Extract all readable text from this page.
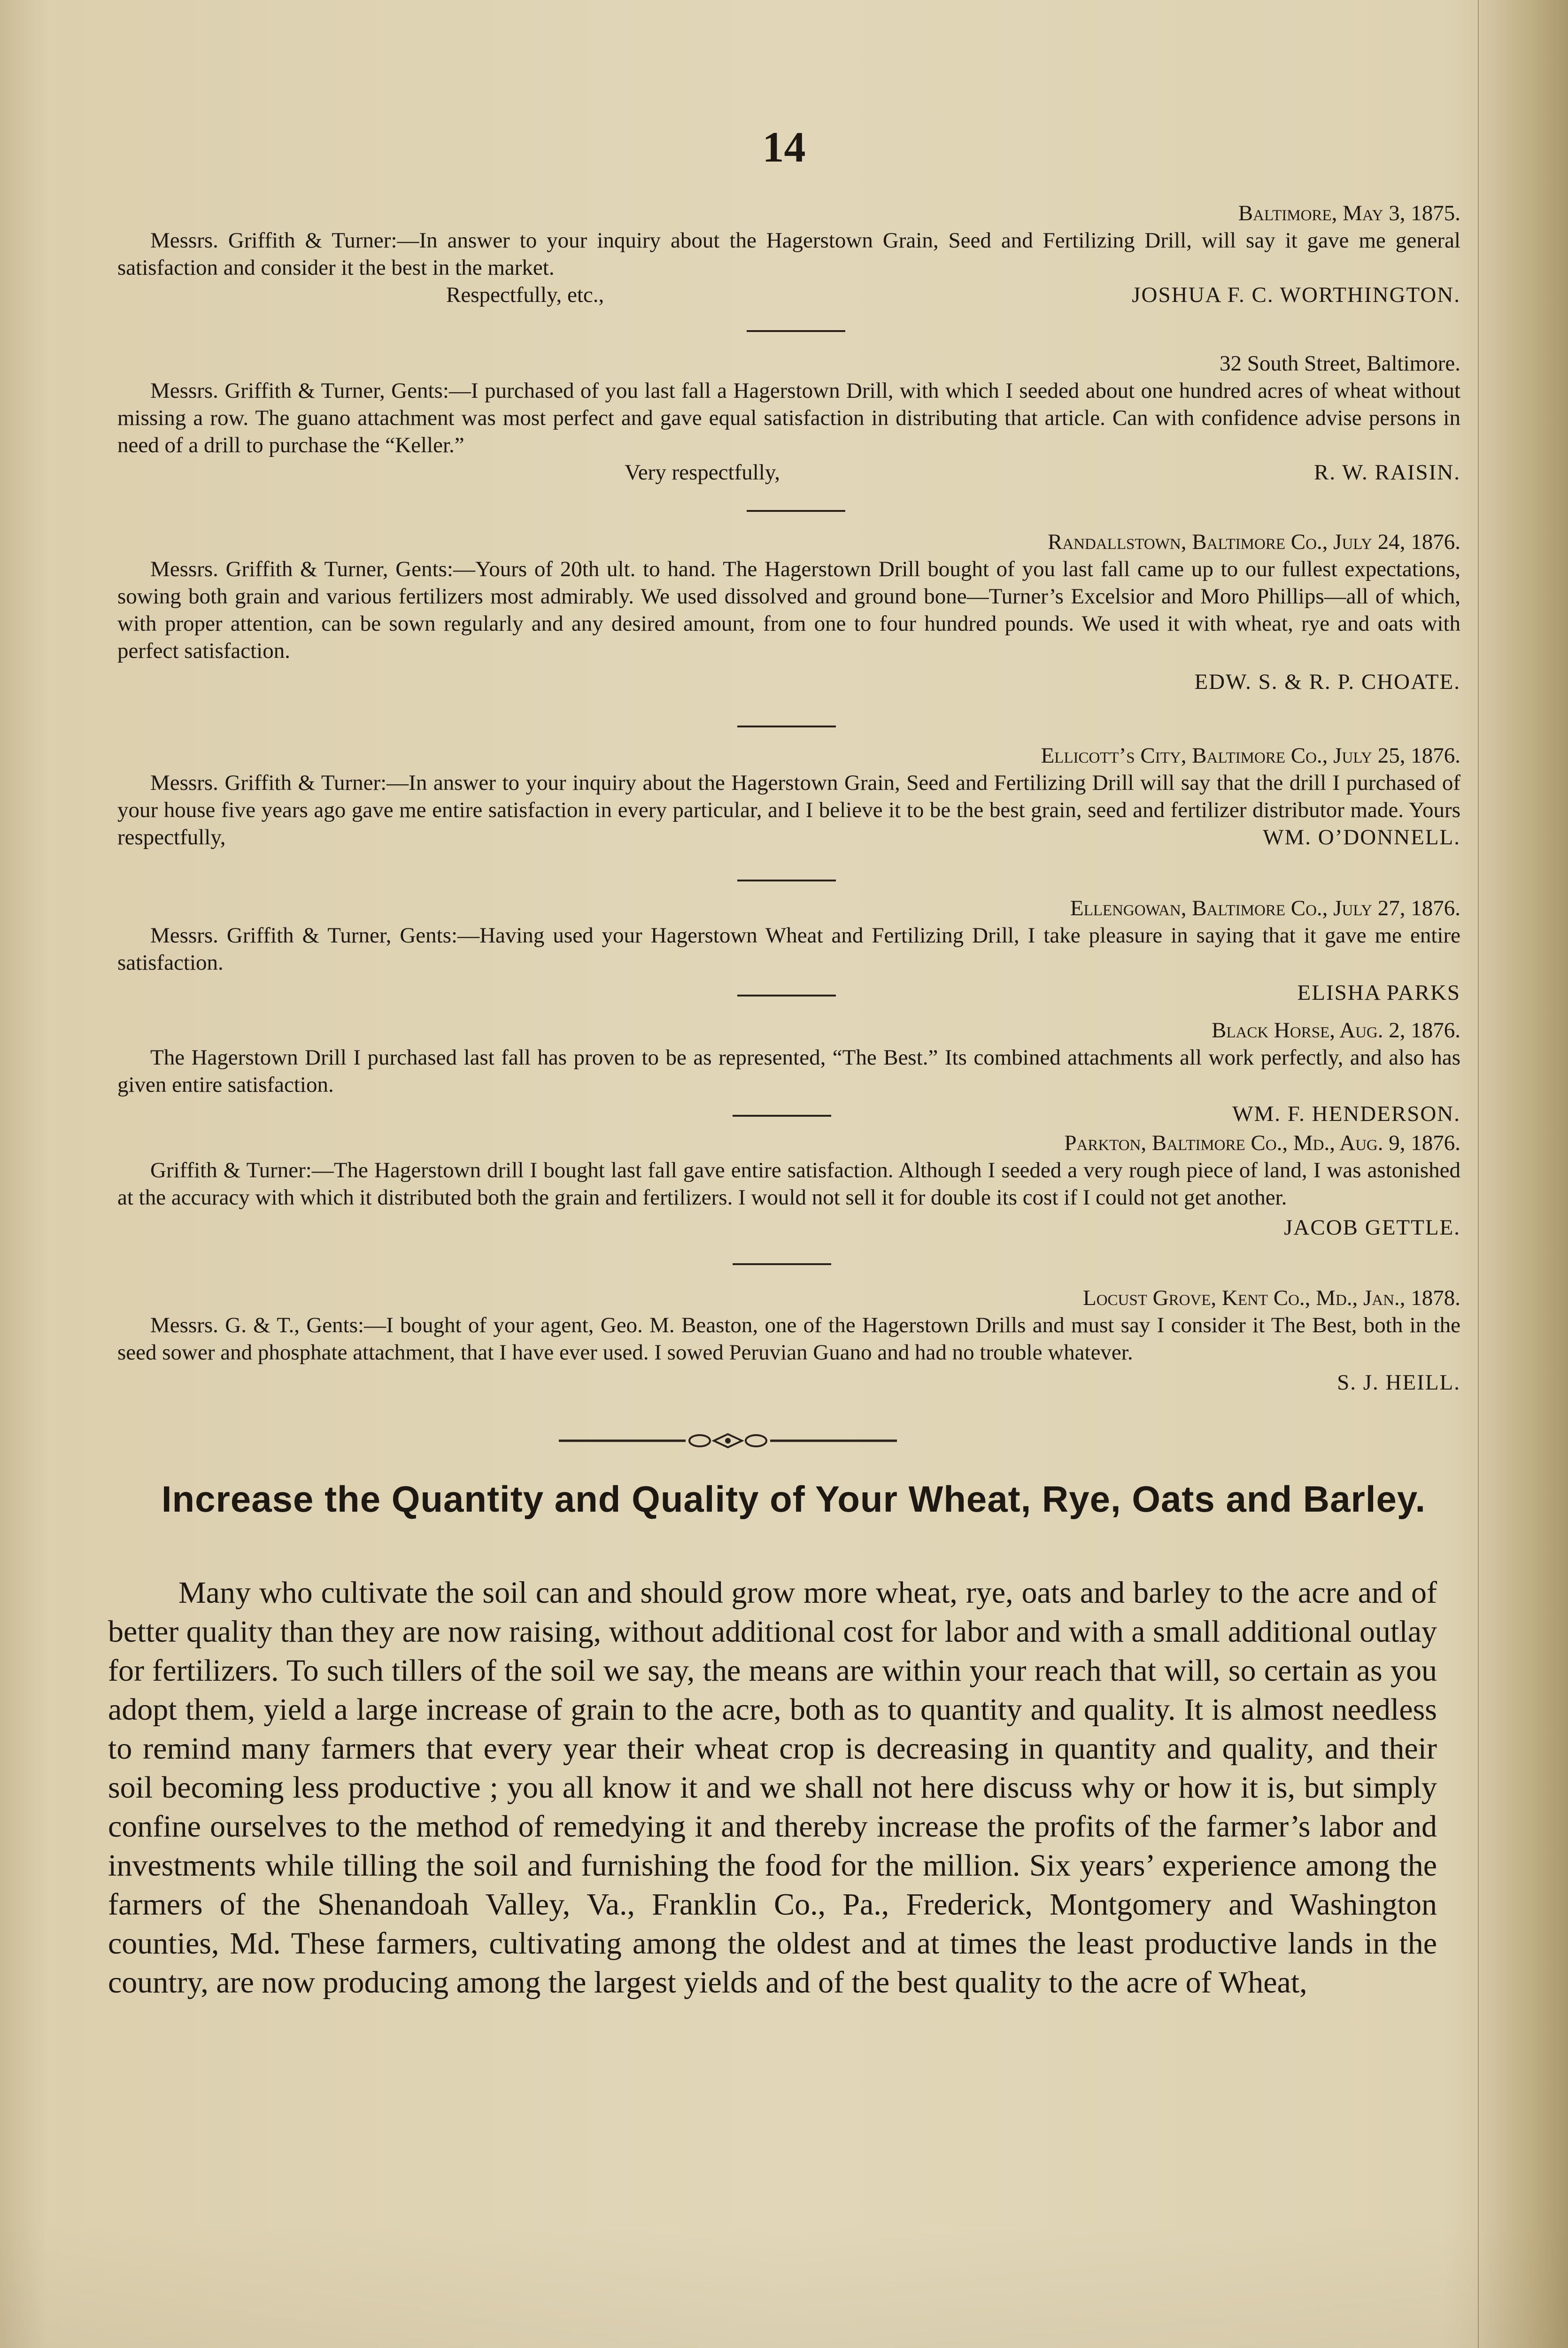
14

Baltimore, May 3, 1875.

Messrs. Griffith & Turner:—In answer to your inquiry about the Hagerstown Grain, Seed and Fertilizing Drill, will say it gave me general satisfaction and consider it the best in the market.

Respectfully, etc.,	JOSHUA F. C. WORTHINGTON.

32 South Street, Baltimore.

Messrs. Griffith & Turner, Gents:—I purchased of you last fall a Hagerstown Drill, with which I seeded about one hundred acres of wheat without missing a row. The guano attachment was most perfect and gave equal satisfaction in distributing that article. Can with confidence advise persons in need of a drill to purchase the “Keller.”

Very respectfully,	R. W. RAISIN.

Randallstown, Baltimore Co., July 24, 1876.

Messrs. Griffith & Turner, Gents:—Yours of 20th ult. to hand. The Hagerstown Drill bought of you last fall came up to our fullest expectations, sowing both grain and various fertilizers most admirably. We used dissolved and ground bone—Turner’s Excelsior and Moro Phillips—all of which, with proper attention, can be sown regularly and any desired amount, from one to four hundred pounds. We used it with wheat, rye and oats with perfect satisfaction.

EDW. S. & R. P. CHOATE.

Ellicott’s City, Baltimore Co., July 25, 1876.

Messrs. Griffith & Turner:—In answer to your inquiry about the Hagerstown Grain, Seed and Fertilizing Drill will say that the drill I purchased of your house five years ago gave me entire satisfaction in every particular, and I believe it to be the best grain, seed and fertilizer distributor made. Yours respectfully,	WM. O’DONNELL.

Ellengowan, Baltimore Co., July 27, 1876.

Messrs. Griffith & Turner, Gents:—Having used your Hagerstown Wheat and Fertilizing Drill, I take pleasure in saying that it gave me entire satisfaction.

ELISHA PARKS

Black Horse, Aug. 2, 1876.

The Hagerstown Drill I purchased last fall has proven to be as represented, “The Best.” Its combined attachments all work perfectly, and also has given entire satisfaction.

WM. F. HENDERSON.

Parkton, Baltimore Co., Md., Aug. 9, 1876.

Griffith & Turner:—The Hagerstown drill I bought last fall gave entire satisfaction. Although I seeded a very rough piece of land, I was astonished at the accuracy with which it distributed both the grain and fertilizers. I would not sell it for double its cost if I could not get another.

JACOB GETTLE.

Locust Grove, Kent Co., Md., Jan., 1878.

Messrs. G. & T., Gents:—I bought of your agent, Geo. M. Beaston, one of the Hagerstown Drills and must say I consider it The Best, both in the seed sower and phosphate attachment, that I have ever used. I sowed Peruvian Guano and had no trouble whatever.

S. J. HEILL.

Increase the Quantity and Quality of Your Wheat, Rye, Oats and Barley.

Many who cultivate the soil can and should grow more wheat, rye, oats and barley to the acre and of better quality than they are now raising, without additional cost for labor and with a small additional outlay for fertilizers. To such tillers of the soil we say, the means are within your reach that will, so certain as you adopt them, yield a large increase of grain to the acre, both as to quantity and quality. It is almost needless to remind many farmers that every year their wheat crop is decreasing in quantity and quality, and their soil becoming less productive ; you all know it and we shall not here discuss why or how it is, but simply confine ourselves to the method of remedying it and thereby increase the profits of the farmer’s labor and investments while tilling the soil and furnishing the food for the million. Six years’ experience among the farmers of the Shenandoah Valley, Va., Franklin Co., Pa., Frederick, Montgomery and Washington counties, Md. These farmers, cultivating among the oldest and at times the least productive lands in the country, are now producing among the largest yields and of the best quality to the acre of Wheat,
